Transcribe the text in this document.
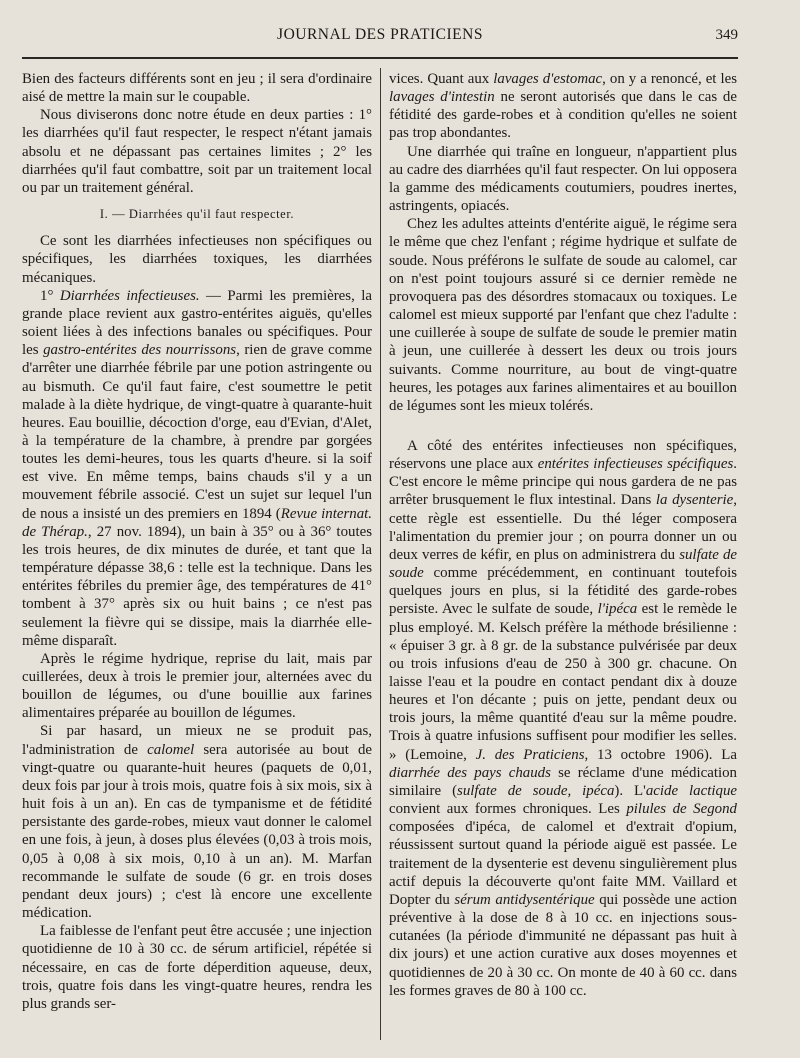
JOURNAL DES PRATICIENS	349

Bien des facteurs différents sont en jeu ; il sera d'ordinaire aisé de mettre la main sur le coupable.

Nous diviserons donc notre étude en deux parties : 1° les diarrhées qu'il faut respecter, le respect n'étant jamais absolu et ne dépassant pas certaines limites ; 2° les diarrhées qu'il faut combattre, soit par un traitement local ou par un traitement général.

I. — Diarrhées qu'il faut respecter.

Ce sont les diarrhées infectieuses non spécifiques ou spécifiques, les diarrhées toxiques, les diarrhées mécaniques.

1° Diarrhées infectieuses. — Parmi les premières, la grande place revient aux gastro-entérites aiguës, qu'elles soient liées à des infections banales ou spécifiques. Pour les gastro-entérites des nourrissons, rien de grave comme d'arrêter une diarrhée fébrile par une potion astringente ou au bismuth. Ce qu'il faut faire, c'est soumettre le petit malade à la diète hydrique, de vingt-quatre à quarante-huit heures. Eau bouillie, décoction d'orge, eau d'Evian, d'Alet, à la température de la chambre, à prendre par gorgées toutes les demi-heures, tous les quarts d'heure. si la soif est vive. En même temps, bains chauds s'il y a un mouvement fébrile associé. C'est un sujet sur lequel l'un de nous a insisté un des premiers en 1894 (Revue internat. de Thérap., 27 nov. 1894), un bain à 35° ou à 36° toutes les trois heures, de dix minutes de durée, et tant que la température dépasse 38,6 : telle est la technique. Dans les entérites fébriles du premier âge, des températures de 41° tombent à 37° après six ou huit bains ; ce n'est pas seulement la fièvre qui se dissipe, mais la diarrhée elle-même disparaît.

Après le régime hydrique, reprise du lait, mais par cuillerées, deux à trois le premier jour, alternées avec du bouillon de légumes, ou d'une bouillie aux farines alimentaires préparée au bouillon de légumes.

Si par hasard, un mieux ne se produit pas, l'administration de calomel sera autorisée au bout de vingt-quatre ou quarante-huit heures (paquets de 0,01, deux fois par jour à trois mois, quatre fois à six mois, six à huit fois à un an). En cas de tympanisme et de fétidité persistante des garde-robes, mieux vaut donner le calomel en une fois, à jeun, à doses plus élevées (0,03 à trois mois, 0,05 à 0,08 à six mois, 0,10 à un an). M. Marfan recommande le sulfate de soude (6 gr. en trois doses pendant deux jours) ; c'est là encore une excellente médication.

La faiblesse de l'enfant peut être accusée ; une injection quotidienne de 10 à 30 cc. de sérum artificiel, répétée si nécessaire, en cas de forte déperdition aqueuse, deux, trois, quatre fois dans les vingt-quatre heures, rendra les plus grands ser-

vices. Quant aux lavages d'estomac, on y a renoncé, et les lavages d'intestin ne seront autorisés que dans le cas de fétidité des garde-robes et à condition qu'elles ne soient pas trop abondantes.

Une diarrhée qui traîne en longueur, n'appartient plus au cadre des diarrhées qu'il faut respecter. On lui opposera la gamme des médicaments coutumiers, poudres inertes, astringents, opiacés.

Chez les adultes atteints d'entérite aiguë, le régime sera le même que chez l'enfant ; régime hydrique et sulfate de soude. Nous préférons le sulfate de soude au calomel, car on n'est point toujours assuré si ce dernier remède ne provoquera pas des désordres stomacaux ou toxiques. Le calomel est mieux supporté par l'enfant que chez l'adulte : une cuillerée à soupe de sulfate de soude le premier matin à jeun, une cuillerée à dessert les deux ou trois jours suivants. Comme nourriture, au bout de vingt-quatre heures, les potages aux farines alimentaires et au bouillon de légumes sont les mieux tolérés.

A côté des entérites infectieuses non spécifiques, réservons une place aux entérites infectieuses spécifiques. C'est encore le même principe qui nous gardera de ne pas arrêter brusquement le flux intestinal. Dans la dysenterie, cette règle est essentielle. Du thé léger composera l'alimentation du premier jour ; on pourra donner un ou deux verres de kéfir, en plus on administrera du sulfate de soude comme précédemment, en continuant toutefois quelques jours en plus, si la fétidité des garde-robes persiste. Avec le sulfate de soude, l'ipéca est le remède le plus employé. M. Kelsch préfère la méthode brésilienne : « épuiser 3 gr. à 8 gr. de la substance pulvérisée par deux ou trois infusions d'eau de 250 à 300 gr. chacune. On laisse l'eau et la poudre en contact pendant dix à douze heures et l'on décante ; puis on jette, pendant deux ou trois jours, la même quantité d'eau sur la même poudre. Trois à quatre infusions suffisent pour modifier les selles. » (Lemoine, J. des Praticiens, 13 octobre 1906). La diarrhée des pays chauds se réclame d'une médication similaire (sulfate de soude, ipéca). L'acide lactique convient aux formes chroniques. Les pilules de Segond composées d'ipéca, de calomel et d'extrait d'opium, réussissent surtout quand la période aiguë est passée. Le traitement de la dysenterie est devenu singulièrement plus actif depuis la découverte qu'ont faite MM. Vaillard et Dopter du sérum antidysentérique qui possède une action préventive à la dose de 8 à 10 cc. en injections sous-cutanées (la période d'immunité ne dépassant pas huit à dix jours) et une action curative aux doses moyennes et quotidiennes de 20 à 30 cc. On monte de 40 à 60 cc. dans les formes graves de 80 à 100 cc.
